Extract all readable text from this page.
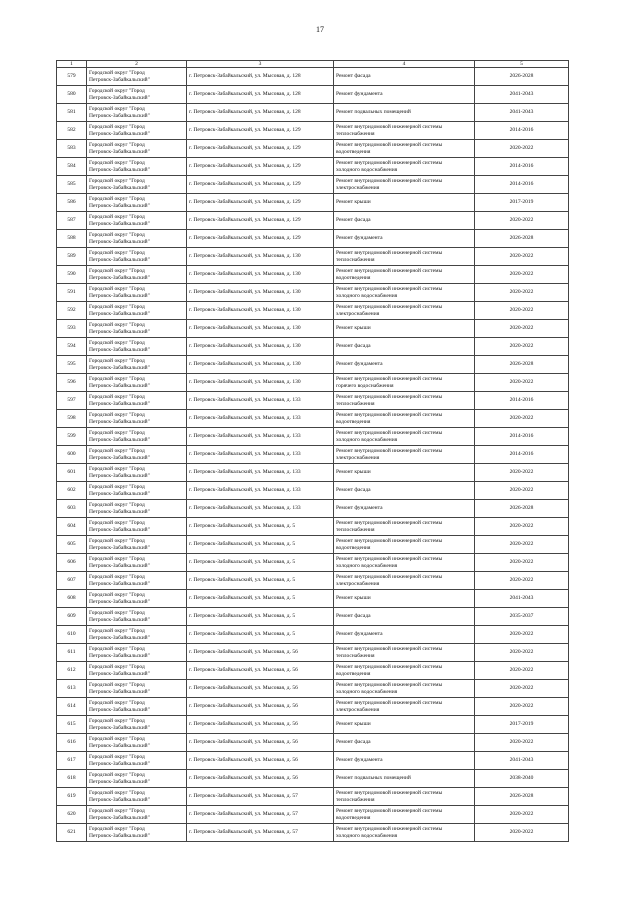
17
1	2	3	4	5
579	Городской округ "Город
Петровск-Забайкальский"	г. Петровск-Забайкальский, ул. Мысовая, д. 128	Ремонт фасада	2026-2028
580	Городской округ "Город
Петровск-Забайкальский"	г. Петровск-Забайкальский, ул. Мысовая, д. 128	Ремонт фундамента	2041-2043
581	Городской округ "Город
Петровск-Забайкальский"	г. Петровск-Забайкальский, ул. Мысовая, д. 128	Ремонт подвальных помещений	2041-2043
582	Городской округ "Город
Петровск-Забайкальский"	г. Петровск-Забайкальский, ул. Мысовая, д. 129	Ремонт внутридомовой инженерной системы
теплоснабжения	2014-2016
583	Городской округ "Город
Петровск-Забайкальский"	г. Петровск-Забайкальский, ул. Мысовая, д. 129	Ремонт внутридомовой инженерной системы
водоотведения	2020-2022
584	Городской округ "Город
Петровск-Забайкальский"	г. Петровск-Забайкальский, ул. Мысовая, д. 129	Ремонт внутридомовой инженерной системы
холодного водоснабжения	2014-2016
585	Городской округ "Город
Петровск-Забайкальский"	г. Петровск-Забайкальский, ул. Мысовая, д. 129	Ремонт внутридомовой инженерной системы
электроснабжения	2014-2016
586	Городской округ "Город
Петровск-Забайкальский"	г. Петровск-Забайкальский, ул. Мысовая, д. 129	Ремонт крыши	2017-2019
587	Городской округ "Город
Петровск-Забайкальский"	г. Петровск-Забайкальский, ул. Мысовая, д. 129	Ремонт фасада	2020-2022
588	Городской округ "Город
Петровск-Забайкальский"	г. Петровск-Забайкальский, ул. Мысовая, д. 129	Ремонт фундамента	2026-2028
589	Городской округ "Город
Петровск-Забайкальский"	г. Петровск-Забайкальский, ул. Мысовая, д. 130	Ремонт внутридомовой инженерной системы
теплоснабжения	2020-2022
590	Городской округ "Город
Петровск-Забайкальский"	г. Петровск-Забайкальский, ул. Мысовая, д. 130	Ремонт внутридомовой инженерной системы
водоотведения	2020-2022
591	Городской округ "Город
Петровск-Забайкальский"	г. Петровск-Забайкальский, ул. Мысовая, д. 130	Ремонт внутридомовой инженерной системы
холодного водоснабжения	2020-2022
592	Городской округ "Город
Петровск-Забайкальский"	г. Петровск-Забайкальский, ул. Мысовая, д. 130	Ремонт внутридомовой инженерной системы
электроснабжения	2020-2022
593	Городской округ "Город
Петровск-Забайкальский"	г. Петровск-Забайкальский, ул. Мысовая, д. 130	Ремонт крыши	2020-2022
594	Городской округ "Город
Петровск-Забайкальский"	г. Петровск-Забайкальский, ул. Мысовая, д. 130	Ремонт фасада	2020-2022
595	Городской округ "Город
Петровск-Забайкальский"	г. Петровск-Забайкальский, ул. Мысовая, д. 130	Ремонт фундамента	2026-2028
596	Городской округ "Город
Петровск-Забайкальский"	г. Петровск-Забайкальский, ул. Мысовая, д. 130	Ремонт внутридомовой инженерной системы
горячего водоснабжения	2020-2022
597	Городской округ "Город
Петровск-Забайкальский"	г. Петровск-Забайкальский, ул. Мысовая, д. 133	Ремонт внутридомовой инженерной системы
теплоснабжения	2014-2016
598	Городской округ "Город
Петровск-Забайкальский"	г. Петровск-Забайкальский, ул. Мысовая, д. 133	Ремонт внутридомовой инженерной системы
водоотведения	2020-2022
599	Городской округ "Город
Петровск-Забайкальский"	г. Петровск-Забайкальский, ул. Мысовая, д. 133	Ремонт внутридомовой инженерной системы
холодного водоснабжения	2014-2016
600	Городской округ "Город
Петровск-Забайкальский"	г. Петровск-Забайкальский, ул. Мысовая, д. 133	Ремонт внутридомовой инженерной системы
электроснабжения	2014-2016
601	Городской округ "Город
Петровск-Забайкальский"	г. Петровск-Забайкальский, ул. Мысовая, д. 133	Ремонт крыши	2020-2022
602	Городской округ "Город
Петровск-Забайкальский"	г. Петровск-Забайкальский, ул. Мысовая, д. 133	Ремонт фасада	2020-2022
603	Городской округ "Город
Петровск-Забайкальский"	г. Петровск-Забайкальский, ул. Мысовая, д. 133	Ремонт фундамента	2026-2028
604	Городской округ "Город
Петровск-Забайкальский"	г. Петровск-Забайкальский, ул. Мысовая, д. 5	Ремонт внутридомовой инженерной системы
теплоснабжения	2020-2022
605	Городской округ "Город
Петровск-Забайкальский"	г. Петровск-Забайкальский, ул. Мысовая, д. 5	Ремонт внутридомовой инженерной системы
водоотведения	2020-2022
606	Городской округ "Город
Петровск-Забайкальский"	г. Петровск-Забайкальский, ул. Мысовая, д. 5	Ремонт внутридомовой инженерной системы
холодного водоснабжения	2020-2022
607	Городской округ "Город
Петровск-Забайкальский"	г. Петровск-Забайкальский, ул. Мысовая, д. 5	Ремонт внутридомовой инженерной системы
электроснабжения	2020-2022
608	Городской округ "Город
Петровск-Забайкальский"	г. Петровск-Забайкальский, ул. Мысовая, д. 5	Ремонт крыши	2041-2043
609	Городской округ "Город
Петровск-Забайкальский"	г. Петровск-Забайкальский, ул. Мысовая, д. 5	Ремонт фасада	2035-2037
610	Городской округ "Город
Петровск-Забайкальский"	г. Петровск-Забайкальский, ул. Мысовая, д. 5	Ремонт фундамента	2020-2022
611	Городской округ "Город
Петровск-Забайкальский"	г. Петровск-Забайкальский, ул. Мысовая, д. 56	Ремонт внутридомовой инженерной системы
теплоснабжения	2020-2022
612	Городской округ "Город
Петровск-Забайкальский"	г. Петровск-Забайкальский, ул. Мысовая, д. 56	Ремонт внутридомовой инженерной системы
водоотведения	2020-2022
613	Городской округ "Город
Петровск-Забайкальский"	г. Петровск-Забайкальский, ул. Мысовая, д. 56	Ремонт внутридомовой инженерной системы
холодного водоснабжения	2020-2022
614	Городской округ "Город
Петровск-Забайкальский"	г. Петровск-Забайкальский, ул. Мысовая, д. 56	Ремонт внутридомовой инженерной системы
электроснабжения	2020-2022
615	Городской округ "Город
Петровск-Забайкальский"	г. Петровск-Забайкальский, ул. Мысовая, д. 56	Ремонт крыши	2017-2019
616	Городской округ "Город
Петровск-Забайкальский"	г. Петровск-Забайкальский, ул. Мысовая, д. 56	Ремонт фасада	2020-2022
617	Городской округ "Город
Петровск-Забайкальский"	г. Петровск-Забайкальский, ул. Мысовая, д. 56	Ремонт фундамента	2041-2043
618	Городской округ "Город
Петровск-Забайкальский"	г. Петровск-Забайкальский, ул. Мысовая, д. 56	Ремонт подвальных помещений	2038-2040
619	Городской округ "Город
Петровск-Забайкальский"	г. Петровск-Забайкальский, ул. Мысовая, д. 57	Ремонт внутридомовой инженерной системы
теплоснабжения	2026-2028
620	Городской округ "Город
Петровск-Забайкальский"	г. Петровск-Забайкальский, ул. Мысовая, д. 57	Ремонт внутридомовой инженерной системы
водоотведения	2020-2022
621	Городской округ "Город
Петровск-Забайкальский"	г. Петровск-Забайкальский, ул. Мысовая, д. 57	Ремонт внутридомовой инженерной системы
холодного водоснабжения	2020-2022
